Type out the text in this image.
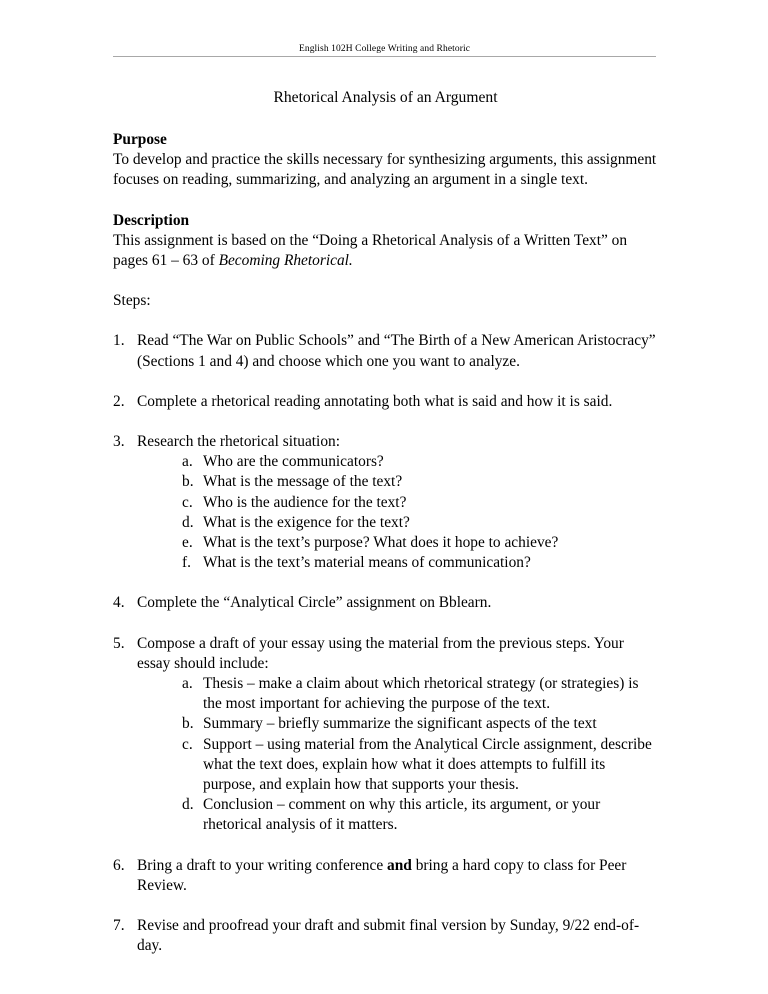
English 102H College Writing and Rhetoric
Rhetorical Analysis of an Argument
Purpose

To develop and practice the skills necessary for synthesizing arguments, this assignment focuses on reading, summarizing, and analyzing an argument in a single text.

Description

This assignment is based on the “Doing a Rhetorical Analysis of a Written Text” on pages 61 – 63 of Becoming Rhetorical.

Steps:

1. Read “The War on Public Schools” and “The Birth of a New American Aristocracy” (Sections 1 and 4) and choose which one you want to analyze.
2. Complete a rhetorical reading annotating both what is said and how it is said.
3. Research the rhetorical situation:
a. Who are the communicators?
b. What is the message of the text?
c. Who is the audience for the text?
d. What is the exigence for the text?
e. What is the text’s purpose? What does it hope to achieve?
f. What is the text’s material means of communication?
4. Complete the “Analytical Circle” assignment on Bblearn.
5. Compose a draft of your essay using the material from the previous steps. Your essay should include:
a. Thesis – make a claim about which rhetorical strategy (or strategies) is the most important for achieving the purpose of the text.
b. Summary – briefly summarize the significant aspects of the text
c. Support – using material from the Analytical Circle assignment, describe what the text does, explain how what it does attempts to fulfill its purpose, and explain how that supports your thesis.
d. Conclusion – comment on why this article, its argument, or your rhetorical analysis of it matters.
6. Bring a draft to your writing conference and bring a hard copy to class for Peer Review.
7. Revise and proofread your draft and submit final version by Sunday, 9/22 end-of-day.
